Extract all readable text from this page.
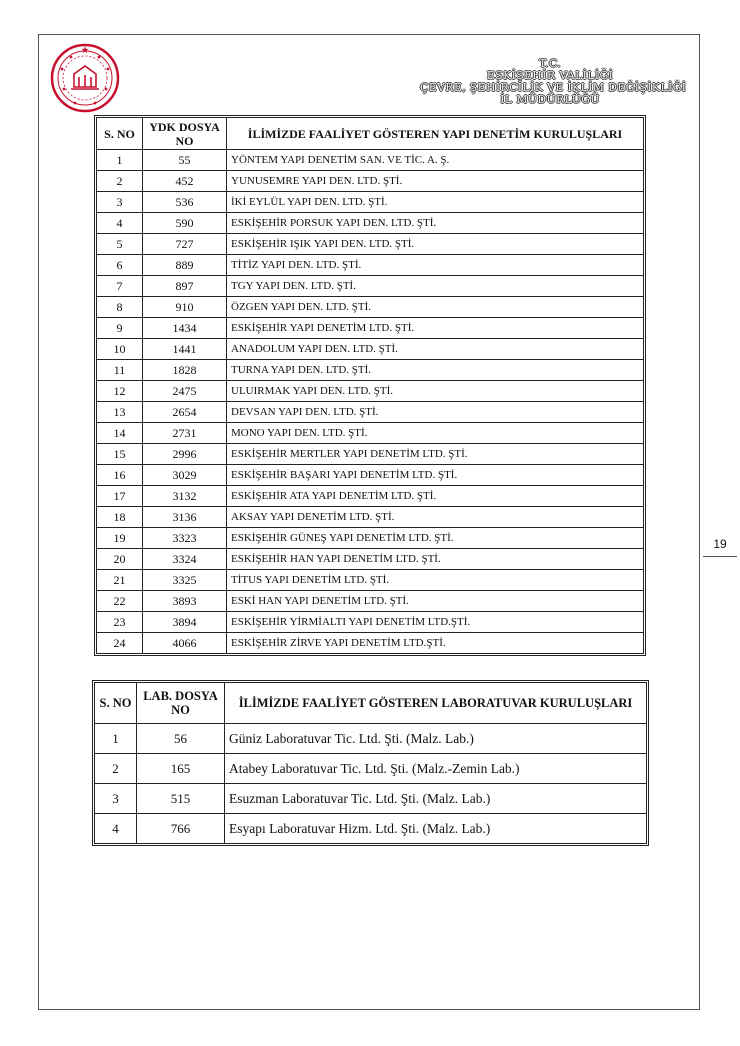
T.C.
ESKİŞEHİR VALİLİĞİ
ÇEVRE, ŞEHİRCİLİK VE İKLİM DEĞİŞİKLİĞİ
İL MÜDÜRLÜĞÜ
19
S. NO	YDK DOSYA NO	İLİMİZDE FAALİYET GÖSTEREN YAPI DENETİM KURULUŞLARI
1	55	YÖNTEM YAPI DENETİM SAN. VE TİC. A. Ş.
2	452	YUNUSEMRE YAPI DEN. LTD. ŞTİ.
3	536	İKİ EYLÜL YAPI DEN. LTD. ŞTİ.
4	590	ESKİŞEHİR PORSUK YAPI DEN. LTD. ŞTİ.
5	727	ESKİŞEHİR IŞIK YAPI DEN. LTD. ŞTİ.
6	889	TİTİZ YAPI DEN. LTD. ŞTİ.
7	897	TGY YAPI DEN. LTD. ŞTİ.
8	910	ÖZGEN YAPI DEN. LTD. ŞTİ.
9	1434	ESKİŞEHİR YAPI DENETİM LTD. ŞTİ.
10	1441	ANADOLUM YAPI DEN. LTD. ŞTİ.
11	1828	TURNA YAPI DEN. LTD. ŞTİ.
12	2475	ULUIRMAK YAPI DEN. LTD. ŞTİ.
13	2654	DEVSAN YAPI DEN. LTD. ŞTİ.
14	2731	MONO YAPI DEN. LTD. ŞTİ.
15	2996	ESKİŞEHİR MERTLER YAPI DENETİM LTD. ŞTİ.
16	3029	ESKİŞEHİR BAŞARI YAPI DENETİM LTD. ŞTİ.
17	3132	ESKİŞEHİR ATA YAPI DENETİM LTD. ŞTİ.
18	3136	AKSAY YAPI DENETİM LTD. ŞTİ.
19	3323	ESKİŞEHİR GÜNEŞ YAPI DENETİM LTD. ŞTİ.
20	3324	ESKİŞEHİR HAN YAPI DENETİM LTD. ŞTİ.
21	3325	TİTUS YAPI DENETİM LTD. ŞTİ.
22	3893	ESKİ HAN YAPI DENETİM LTD. ŞTİ.
23	3894	ESKİŞEHİR YİRMİALTI YAPI DENETİM LTD.ŞTİ.
24	4066	ESKİŞEHİR ZİRVE YAPI DENETİM LTD.ŞTİ.
S. NO	LAB. DOSYA NO	İLİMİZDE FAALİYET GÖSTEREN LABORATUVAR KURULUŞLARI
1	56	Güniz Laboratuvar Tic. Ltd. Şti. (Malz. Lab.)
2	165	Atabey Laboratuvar Tic. Ltd. Şti. (Malz.-Zemin Lab.)
3	515	Esuzman Laboratuvar Tic. Ltd. Şti. (Malz. Lab.)
4	766	Esyapı Laboratuvar Hizm. Ltd. Şti. (Malz. Lab.)
